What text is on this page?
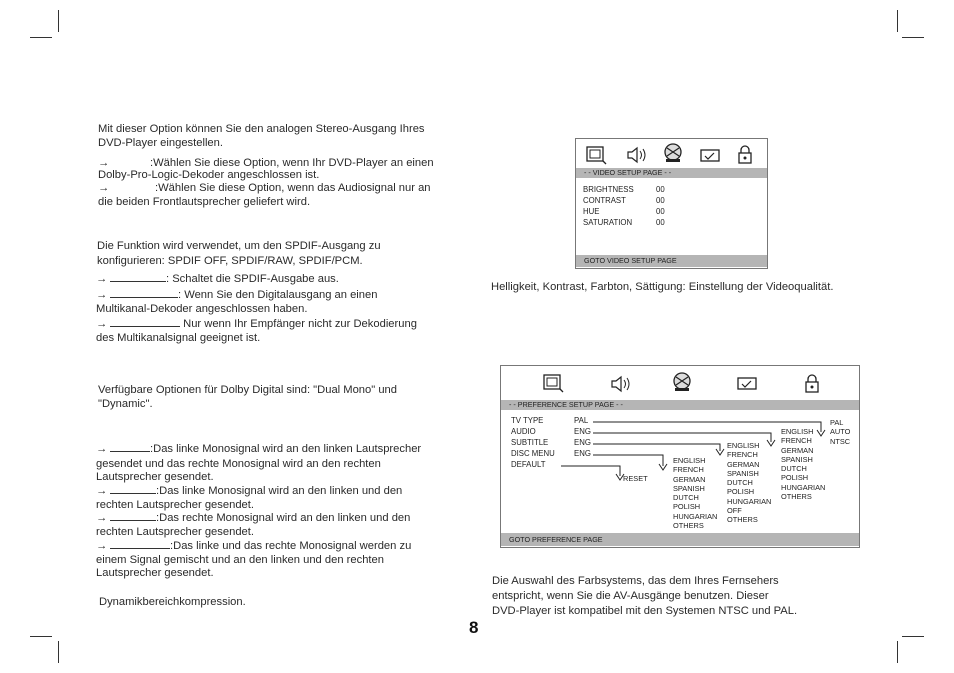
Mit dieser Option können Sie den analogen Stereo-Ausgang Ihres
DVD-Player eingestellen.
→	:Wählen Sie diese Option, wenn Ihr DVD-Player an einen
Dolby-Pro-Logic-Dekoder angeschlossen ist.
→	:Wählen Sie diese Option, wenn das Audiosignal nur an
die beiden Frontlautsprecher geliefert wird.
Die Funktion wird verwendet, um den SPDIF-Ausgang zu
konfigurieren: SPDIF OFF, SPDIF/RAW, SPDIF/PCM.
→	: Schaltet die SPDIF-Ausgabe aus.
→	: Wenn Sie den Digitalausgang an einen
Multikanal-Dekoder angeschlossen haben.
→	Nur wenn Ihr Empfänger nicht zur Dekodierung
des Multikanalsignal geeignet ist.
Verfügbare Optionen für Dolby Digital sind: "Dual Mono" und
"Dynamic".
→	:Das linke Monosignal wird an den linken Lautsprecher
gesendet und das rechte Monosignal wird an den rechten
Lautsprecher gesendet.
→	:Das linke Monosignal wird an den linken und den
rechten Lautsprecher gesendet.
→	:Das rechte Monosignal wird an den linken und den
rechten Lautsprecher gesendet.
→	:Das linke und das rechte Monosignal werden zu
einem Signal gemischt und an den linken und den rechten
Lautsprecher gesendet.
Dynamikbereichkompression.
- - VIDEO SETUP PAGE - -
BRIGHTNESS	00
CONTRAST	00
HUE	00
SATURATION	00
GOTO VIDEO SETUP PAGE
Helligkeit, Kontrast, Farbton, Sättigung: Einstellung der Videoqualität.
- - PREFERENCE SETUP PAGE - -
TV TYPE	PAL
AUDIO	ENG
SUBTITLE	ENG
DISC MENU ENG
DEFAULT
RESET
ENGLISH
FRENCH
GERMAN
SPANISH
DUTCH
POLISH
HUNGARIAN
OTHERS
ENGLISH
FRENCH
GERMAN
SPANISH
DUTCH
POLISH
HUNGARIAN
OFF
OTHERS
ENGLISH
FRENCH
GERMAN
SPANISH
DUTCH
POLISH
HUNGARIAN
OTHERS
PAL
AUTO
NTSC
GOTO PREFERENCE PAGE
Die Auswahl des Farbsystems, das dem Ihres Fernsehers
entspricht, wenn Sie die AV-Ausgänge benutzen. Dieser
DVD-Player ist kompatibel mit den Systemen NTSC und PAL.
8
